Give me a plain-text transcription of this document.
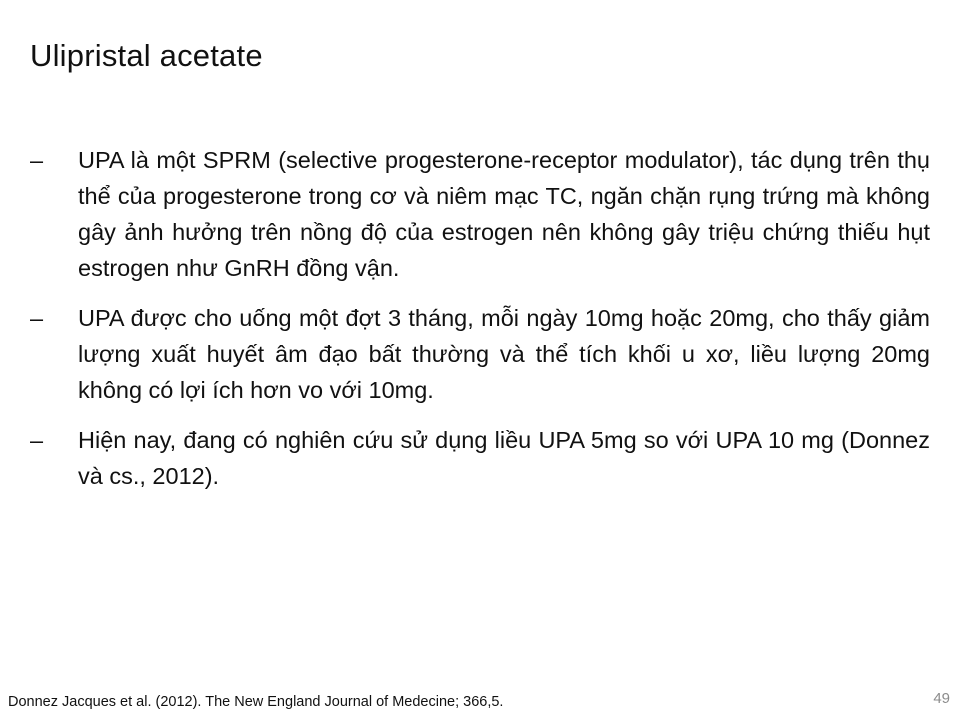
Ulipristal acetate
– UPA là một SPRM (selective progesterone-receptor modulator), tác dụng trên thụ thể của progesterone trong cơ và niêm mạc TC, ngăn chặn rụng trứng mà không gây ảnh hưởng trên nồng độ của estrogen nên không gây triệu chứng thiếu hụt estrogen như GnRH đồng vận.
– UPA được cho uống một đợt 3 tháng, mỗi ngày 10mg hoặc 20mg, cho thấy giảm lượng xuất huyết âm đạo bất thường và thể tích khối u xơ, liều lượng 20mg không có lợi ích hơn vo với 10mg.
– Hiện nay, đang có nghiên cứu sử dụng liều UPA 5mg so với UPA 10 mg (Donnez và cs., 2012).
Donnez Jacques et al. (2012). The New England Journal of Medecine; 366,5.	49
